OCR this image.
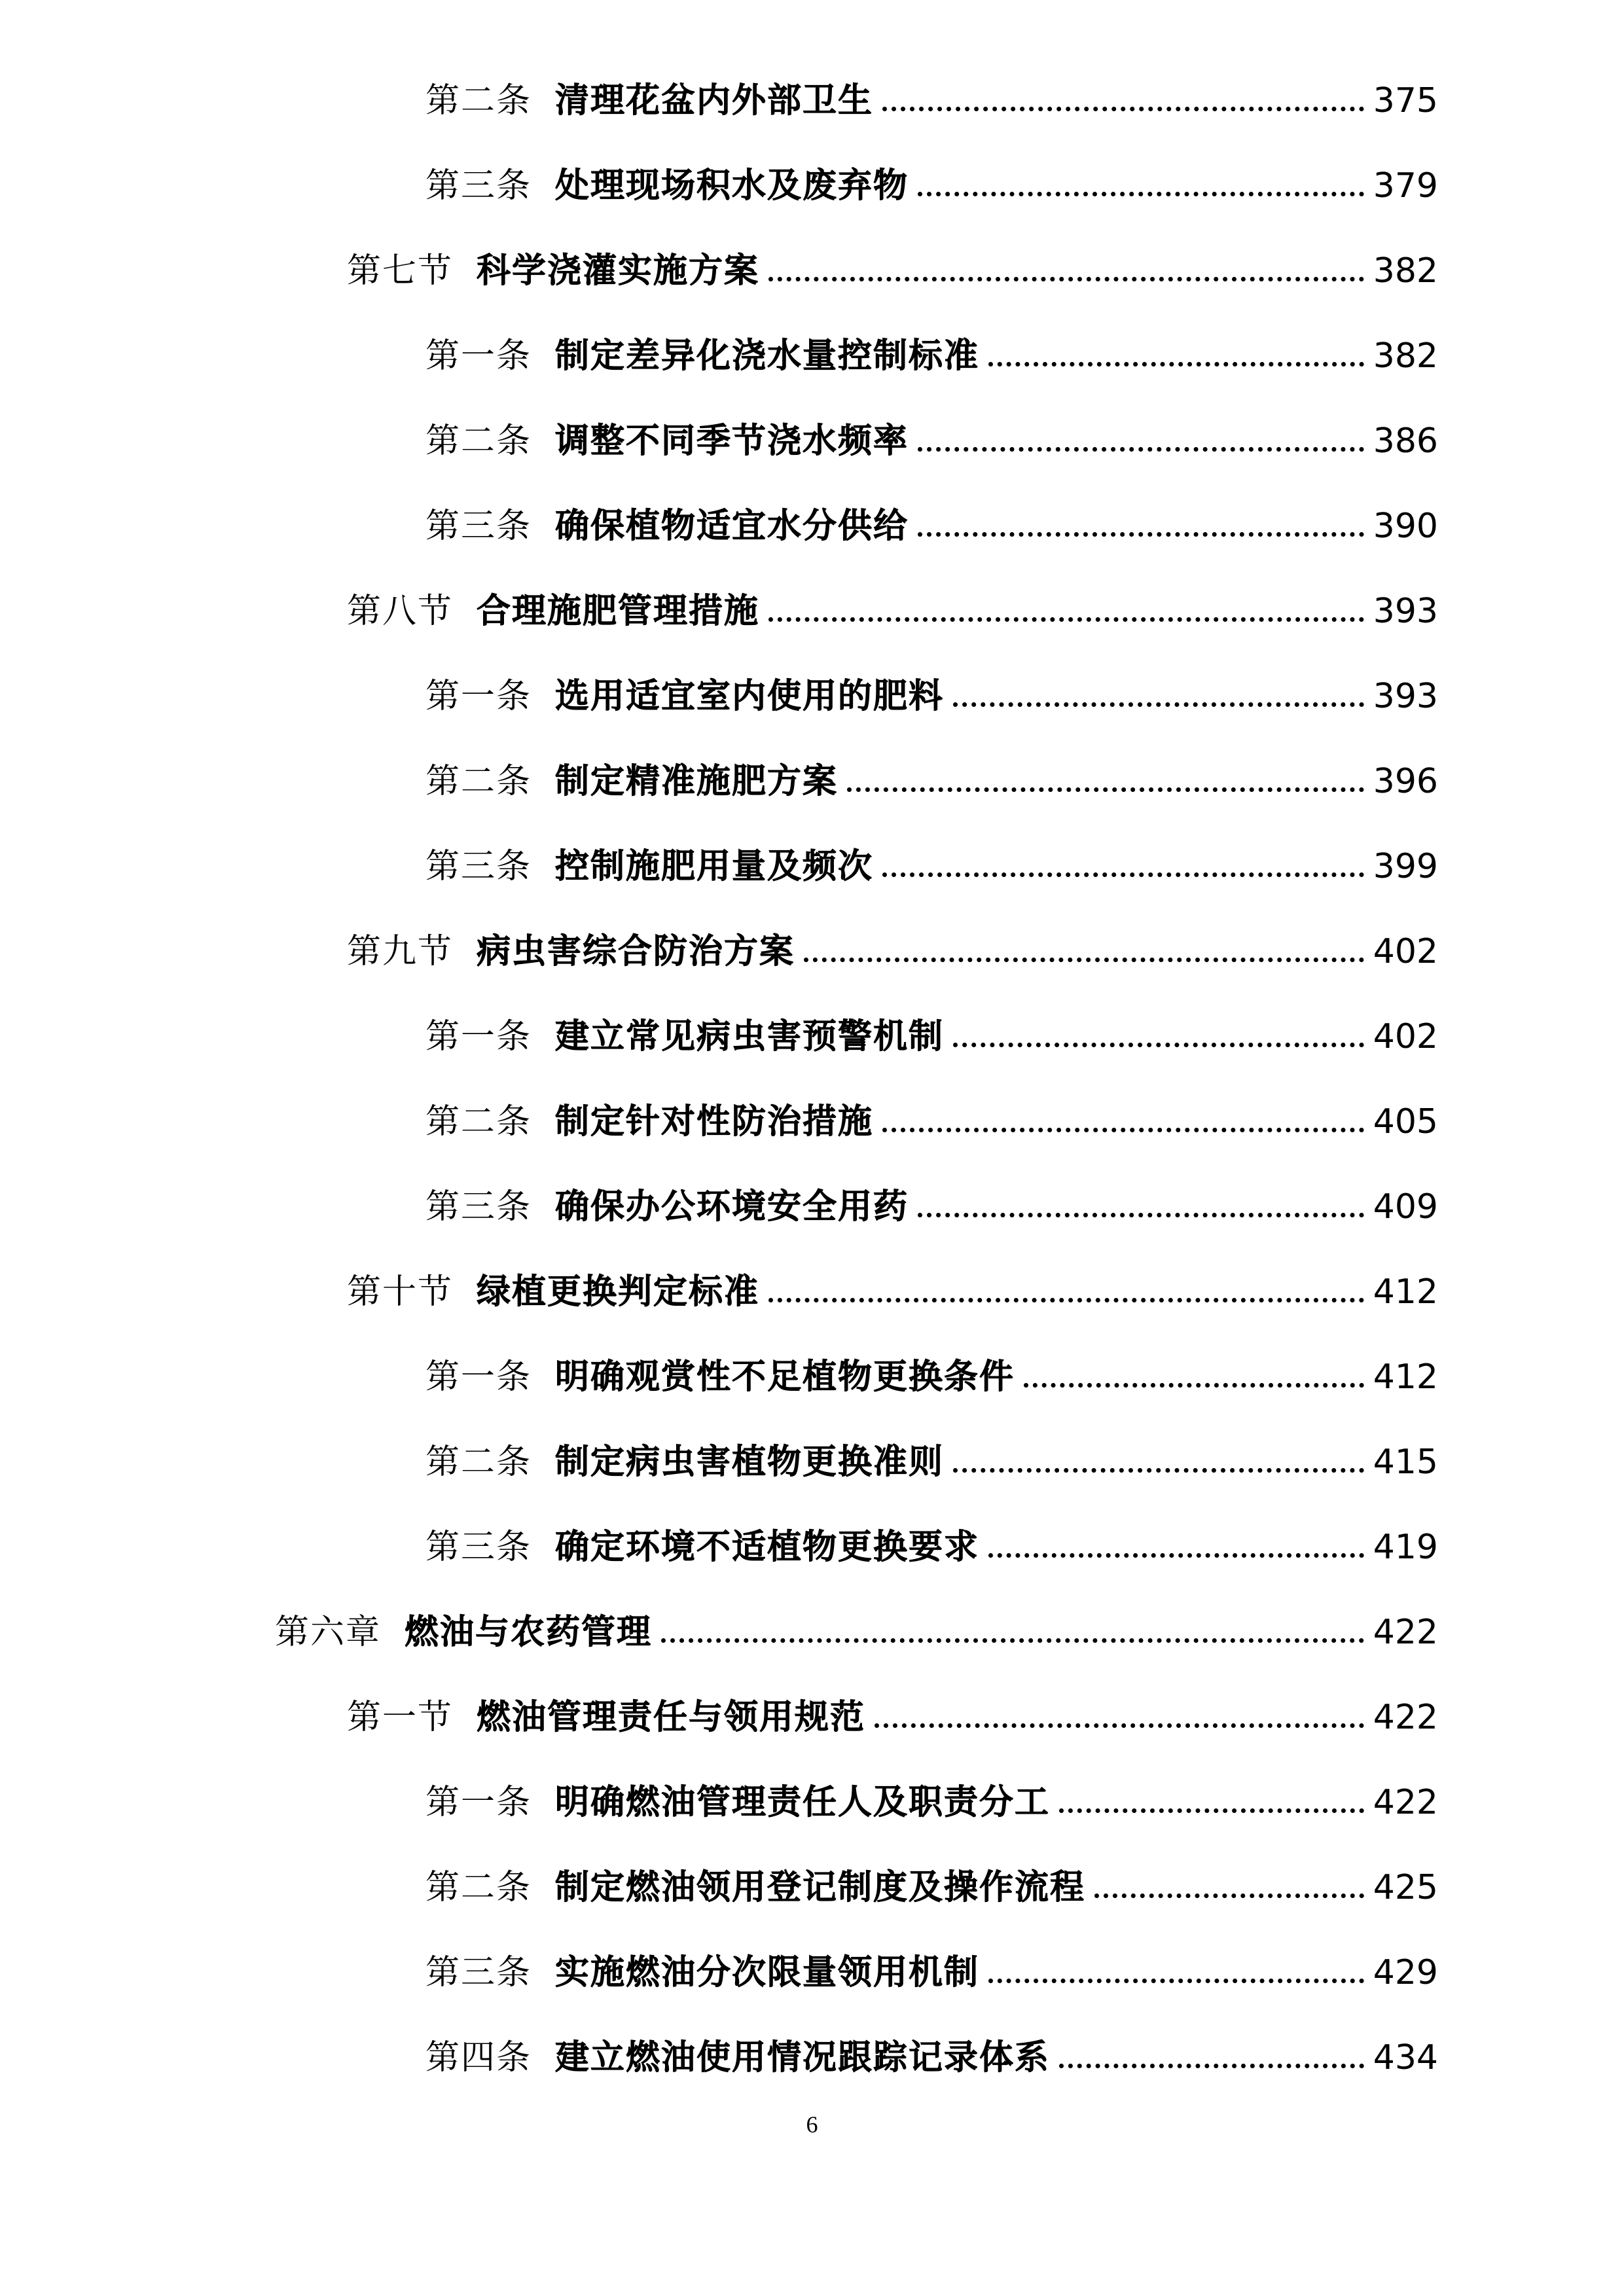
第二条 清理花盆内外部卫生	375
第三条 处理现场积水及废弃物	379
第七节 科学浇灌实施方案	382
第一条 制定差异化浇水量控制标准	382
第二条 调整不同季节浇水频率	386
第三条 确保植物适宜水分供给	390
第八节 合理施肥管理措施	393
第一条 选用适宜室内使用的肥料	393
第二条 制定精准施肥方案	396
第三条 控制施肥用量及频次	399
第九节 病虫害综合防治方案	402
第一条 建立常见病虫害预警机制	402
第二条 制定针对性防治措施	405
第三条 确保办公环境安全用药	409
第十节 绿植更换判定标准	412
第一条 明确观赏性不足植物更换条件	412
第二条 制定病虫害植物更换准则	415
第三条 确定环境不适植物更换要求	419
第六章 燃油与农药管理	422
第一节 燃油管理责任与领用规范	422
第一条 明确燃油管理责任人及职责分工	422
第二条 制定燃油领用登记制度及操作流程	425
第三条 实施燃油分次限量领用机制	429
第四条 建立燃油使用情况跟踪记录体系	434
6
